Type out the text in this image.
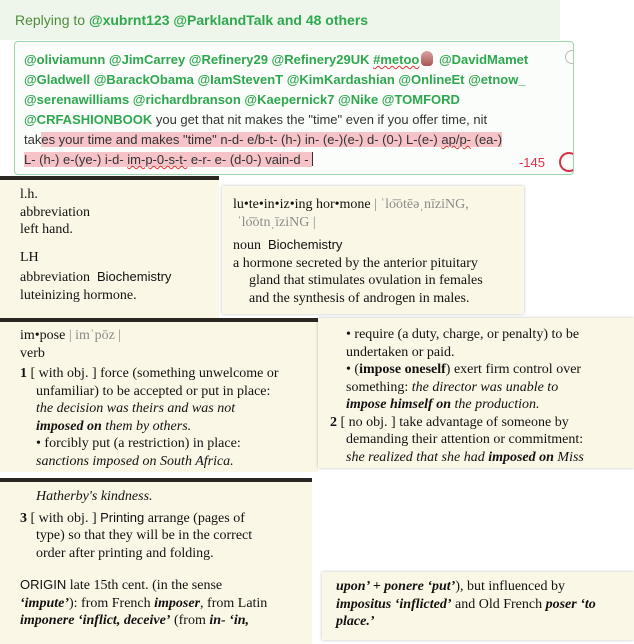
Replying to @xubrnt123 @ParklandTalk and 48 others
@oliviamunn @JimCarrey @Refinery29 @Refinery29UK #metoo @DavidMamet
@Gladwell @BarackObama @IamStevenT @KimKardashian @OnlineEt @etnow_
@serenawilliams @richardbranson @Kaepernick7 @Nike @TOMFORD
@CRFASHIONBOOK you get that nit makes the "time" even if you offer time, nit
takes your time and makes "time" n-d- e/b-t- (h-) in- (e-)(e-) d- (0-) L-(e-) ap/p- (ea-)
L- (h-) e-(ye-) i-d- im-p-0-s-t- e-r- e- (d-0-) vain-d -	-145
l.h.
abbreviation
left hand.
LH
abbreviation Biochemistry
luteinizing hormone.
lu•te•in•iz•ing hor•mone | ˈlo͞otēəˌnīziNG,
ˈlo͞otnˌīziNG |
noun Biochemistry
a hormone secreted by the anterior pituitary
gland that stimulates ovulation in females
and the synthesis of androgen in males.
im•pose | imˈpōz |
verb
1 [ with obj. ] force (something unwelcome or
unfamiliar) to be accepted or put in place:
the decision was theirs and was not
imposed on them by others.
• forcibly put (a restriction) in place:
sanctions imposed on South Africa.
• require (a duty, charge, or penalty) to be
undertaken or paid.
• (impose oneself) exert firm control over
something: the director was unable to
impose himself on the production.
2 [ no obj. ] take advantage of someone by
demanding their attention or commitment:
she realized that she had imposed on Miss
Hatherby's kindness.
3 [ with obj. ] Printing arrange (pages of
type) so that they will be in the correct
order after printing and folding.
ORIGIN late 15th cent. (in the sense
‘impute’): from French imposer, from Latin
imponere ‘inflict, deceive’ (from in- ‘in,
upon’ + ponere ‘put’), but influenced by
impositus ‘inflicted’ and Old French poser ‘to
place.’
